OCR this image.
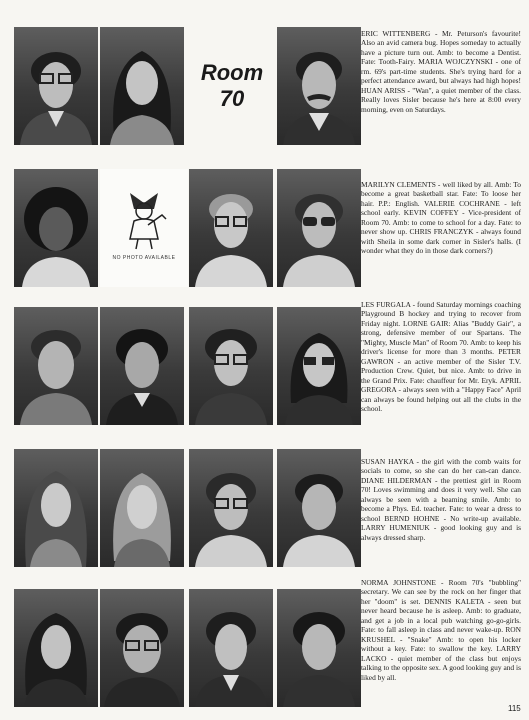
NO PHOTO AVAILABLE
Room
70

ERIC WITTENBERG - Mr. Peturson's favourite! Also an avid camera bug. Hopes someday to actually have a picture turn out. Amb: to become a Dentist. Fate: Tooth-Fairy. MARIA WOJCZYNSKI - one of rm. 69's part-time students. She's trying hard for a perfect attendance award, but always had high hopes! HUAN ARISS - "Wan", a quiet member of the class. Really loves Sisler because he's here at 8:00 every morning, even on Saturdays.

MARILYN CLEMENTS - well liked by all. Amb: To become a great basketball star. Fate: To loose her hair. P.P.: English. VALERIE COCHRANE - left school early. KEVIN COFFEY - Vice-president of Room 70. Amb: to come to school for a day. Fate: to never show up. CHRIS FRANCZYK - always found with Sheila in some dark corner in Sisler's halls. (I wonder what they do in those dark corners?)

LES FURGALA - found Saturday mornings coaching Playground B hockey and trying to recover from Friday night. LORNE GAIR: Alias "Buddy Gair", a strong, defensive member of our Spartans. The "Mighty, Muscle Man" of Room 70. Amb: to keep his driver's license for more than 3 months. PETER GAWRON - an active member of the Sisler T.V. Production Crew. Quiet, but nice. Amb: to drive in the Grand Prix. Fate: chauffeur for Mr. Eryk. APRIL GREGORA - always seen with a "Happy Face" April can always be found helping out all the clubs in the school.

SUSAN HAYKA - the girl with the comb waits for socials to come, so she can do her can-can dance. DIANE HILDERMAN - the prettiest girl in Room 70! Loves swimming and does it very well. She can always be seen with a beaming smile. Amb: to become a Phys. Ed. teacher. Fate: to wear a dress to school BERND HOHNE - No write-up available. LARRY HUMENIUK - good looking guy and is always dressed sharp.

NORMA JOHNSTONE - Room 70's "bubbling" secretary. We can see by the rock on her finger that her "doom" is set. DENNIS KALETA - seen but never heard because he is asleep. Amb: to graduate, and get a job in a local pub watching go-go-girls. Fate: to fall asleep in class and never wake-up. RON KRUSHEL - "Snake" Amb: to open his locker without a key. Fate: to swallow the key. LARRY LACKO - quiet member of the class but enjoys talking to the opposite sex. A good looking guy and is liked by all.

115
